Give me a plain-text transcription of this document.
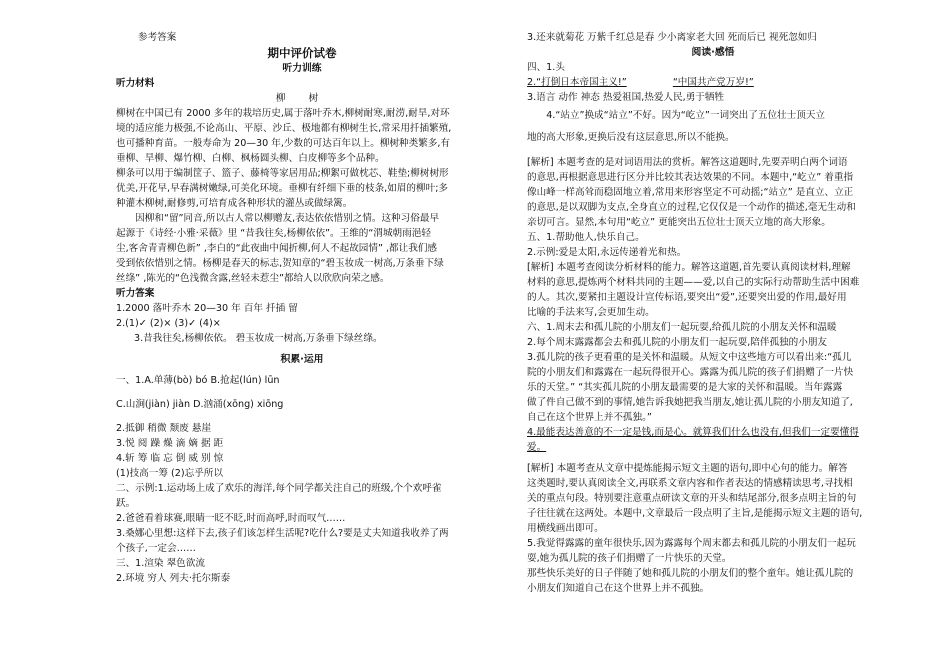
参考答案
期中评价试卷
听力训练
听力材料
柳 树
柳树在中国已有 2000 多年的栽培历史,属于落叶乔木,柳树耐寒,耐涝,耐旱,对环
境的适应能力极强,不论高山、平原、沙丘、极地都有柳树生长,常采用扦插繁殖,
也可播种育苗。一般寿命为 20—30 年,少数的可达百年以上。柳树种类繁多,有
垂柳、旱柳、爆竹柳、白柳、枫杨圆头柳、白皮柳等多个品种。
柳条可以用于编制筐子、篮子、藤椅等家居用品;柳絮可做枕芯、鞋垫;柳树树形
优美,开花早,早春满树嫩绿,可美化环境。垂柳有纤细下垂的枝条,如眉的柳叶;多
种灌木柳树,耐修剪,可培育成各种形状的灌丛或做绿篱。
因柳和“留”同音,所以古人常以柳赠友,表达依依惜别之情。这种习俗最早
起源于《诗经·小雅·采薇》里 “昔我往矣,杨柳依依”。王维的“渭城朝雨浥轻
尘,客舍青青柳色新” ,李白的“此夜曲中闻折柳,何人不起故园情” ,都让我们感
受到依依惜别之情。杨柳是春天的标志,贺知章的“碧玉妆成一树高,万条垂下绿
丝绦” ,陈光的“色浅微含露,丝轻未惹尘”都给人以欣欣向荣之感。
听力答案
1.2000 落叶乔木 20—30 年 百年 扦插 留
2.(1)✓ (2)× (3)✓ (4)×
3.昔我往矣,杨柳依依。 碧玉妆成一树高,万条垂下绿丝绦。
积累·运用
一、1.A.单薄(bò) bó B.抢起(lún) lūn
C.山涧(jiàn) jiàn D.汹涌(xōng) xiōng
2.抵御 稍微 颓废 悬崖
3.悦 阅 躁 燥 滴 嫡 据 距
4.斩 筹 临 忘 倒 威 别 惊
(1)技高一筹 (2)忘乎所以
二、示例:1.运动场上成了欢乐的海洋,每个同学都关注自己的班级,个个欢呼雀
跃。
2.爸爸看着球赛,眼睛一眨不眨,时而高呼,时而叹气……
3.桑娜心里想:这样下去,孩子们该怎样生活呢?吃什么?要是丈夫知道我收养了两
个孩子,一定会……
三、1.渲染 翠色欲流
2.环境 穷人 列夫·托尔斯泰
3.还来就菊花 万紫千红总是春 少小离家老大回 死而后已 视死忽如归
阅读·感悟
四、1.头
2.“打倒日本帝国主义!”	“中国共产党万岁!”
3.语言 动作 神态 热爱祖国,热爱人民,勇于牺牲
4.“站立”换成“站立”不好。因为“屹立”一词突出了五位壮士顶天立
地的高大形象,更换后没有这层意思,所以不能换。
[解析] 本题考查的是对词语用法的赏析。解答这道题时,先要弄明白两个词语
的意思,再根据意思进行区分并比较其表达效果的不同。本题中,“屹立” 着重指
像山峰一样高耸而稳固地立着,常用来形容坚定不可动摇;“站立” 是直立、立正
的意思,是以双脚为支点,全身直立的过程,它仅仅是一个动作的描述,毫无生动和
亲切可言。显然,本句用“屹立” 更能突出五位壮士顶天立地的高大形象。
五、1.帮助他人,快乐自己。
2.示例:爱是太阳,永远传递着光和热。
[解析] 本题考查阅读分析材料的能力。解答这道题,首先要认真阅读材料,理解
材料的意思,提炼两个材料共同的主题——爱,以自己的实际行动帮助生活中困难
的人。其次,要紧扣主题设计宣传标语,要突出“爱”,还要突出爱的作用,最好用
比喻的手法来写,会更加生动。
六、1.周末去和孤儿院的小朋友们一起玩耍,给孤儿院的小朋友关怀和温暖
2.每个周末露露都会去和孤儿院的小朋友们一起玩耍,陪伴孤独的小朋友
3.孤儿院的孩子更看重的是关怀和温暖。从短文中这些地方可以看出来:“孤儿
院的小朋友们和露露在一起玩得很开心。露露为孤儿院的孩子们捐赠了一片快
乐的天堂。” “其实孤儿院的小朋友最需要的是大家的关怀和温暖。当年露露
做了件自己做不到的事情,她告诉我她把我当朋友,她让孤儿院的小朋友知道了,
自己在这个世界上并不孤独。”
4.最能表达善意的不一定是钱,而是心。就算我们什么也没有,但我们一定要懂得
爱。
[解析] 本题考查从文章中提炼能揭示短文主题的语句,即中心句的能力。解答
这类题时,要认真阅读全文,再联系文章内容和作者表达的情感精读思考,寻找相
关的重点句段。特别要注意重点研读文章的开头和结尾部分,很多点明主旨的句
子往往就在这两处。本题中,文章最后一段点明了主旨,是能揭示短文主题的语句,
用横线画出即可。
5.我觉得露露的童年很快乐,因为露露每个周末都去和孤儿院的小朋友们一起玩
耍,她为孤儿院的孩子们捐赠了一片快乐的天堂。
那些快乐美好的日子伴随了她和孤儿院的小朋友们的整个童年。她让孤儿院的
小朋友们知道自己在这个世界上并不孤独。
